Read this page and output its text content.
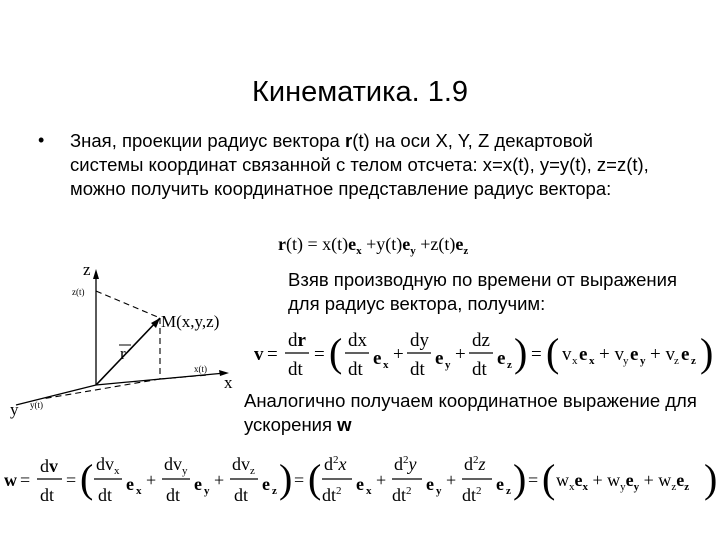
Кинематика. 1.9
• Зная, проекции радиус вектора r(t) на оси X, Y, Z декартовой системы координат связанной с телом отсчета: x=x(t), y=y(t), z=z(t), можно получить координатное представление радиус вектора:
Взяв производную по времени от выражения для радиус вектора, получим:
Аналогично получаем координатное выражение для ускорения w
z
x
y
z(t)
x(t)
y(t)
M(x,y,z)
r
$r(t) = x(t)e_x +y(t)e_y +z(t)e_z$
v =
dr
dt
= ( dx
dt
e x +
dy
dt
e y +
dz
dt
e z ) = ( v x e x + v y e y + v z e z )
w =
dv
dt
= ( $dv_x$
dt
e x
+
$dv_y$
dt
e y
+
$dv_z$
dt
e z ) = ( $d^2x$
$dt^2$ e x
+
$d^2y$
$dt^2$ e y
+
$d^2z$
$dt^2$ e z ) = ( $w_xe_x + w_ye_y + w_ze_z$ )
